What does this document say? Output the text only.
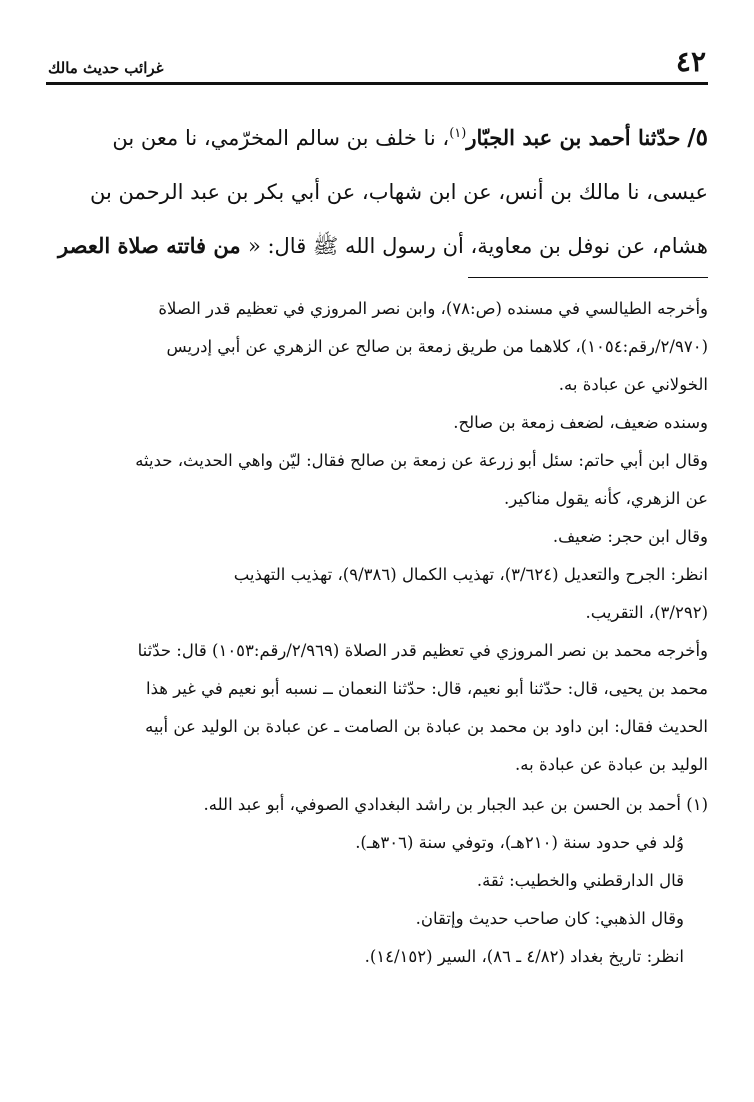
٤٢
غرائب حديث مالك

٥/ حدّثنا أحمد بن عبد الجبّار$^{(١)}$، نا خلف بن سالم المخرّمي، نا معن بن

عيسى، نا مالك بن أنس، عن ابن شهاب، عن أبي بكر بن عبد الرحمن بن

هشام، عن نوفل بن معاوية، أن رسول الله ﷺ قال: « من فاتته صلاة العصر

وأخرجه الطيالسي في مسنده (ص:٧٨)، وابن نصر المروزي في تعظيم قدر الصلاة

(٢/٩٧٠/رقم:١٠٥٤)، كلاهما من طريق زمعة بن صالح عن الزهري عن أبي إدريس

الخولاني عن عبادة به.

وسنده ضعيف، لضعف زمعة بن صالح.

وقال ابن أبي حاتم: سئل أبو زرعة عن زمعة بن صالح فقال: ليّن واهي الحديث، حديثه

عن الزهري، كأنه يقول مناكير.

وقال ابن حجر: ضعيف.

انظر: الجرح والتعديل (٣/٦٢٤)، تهذيب الكمال (٩/٣٨٦)، تهذيب التهذيب

(٣/٢٩٢)، التقريب.

وأخرجه محمد بن نصر المروزي في تعظيم قدر الصلاة (٢/٩٦٩/رقم:١٠٥٣) قال: حدّثنا

محمد بن يحيى، قال: حدّثنا أبو نعيم، قال: حدّثنا النعمان ــ نسبه أبو نعيم في غير هذا

الحديث فقال: ابن داود بن محمد بن عبادة بن الصامت ـ عن عبادة بن الوليد عن أبيه

الوليد بن عبادة عن عبادة به.

(١) أحمد بن الحسن بن عبد الجبار بن راشد البغدادي الصوفي، أبو عبد الله.

وُلد في حدود سنة (٢١٠هـ)، وتوفي سنة (٣٠٦هـ).

قال الدارقطني والخطيب: ثقة.

وقال الذهبي: كان صاحب حديث وإتقان.

انظر: تاريخ بغداد (٤/٨٢ ـ ٨٦)، السير (١٤/١٥٢).
